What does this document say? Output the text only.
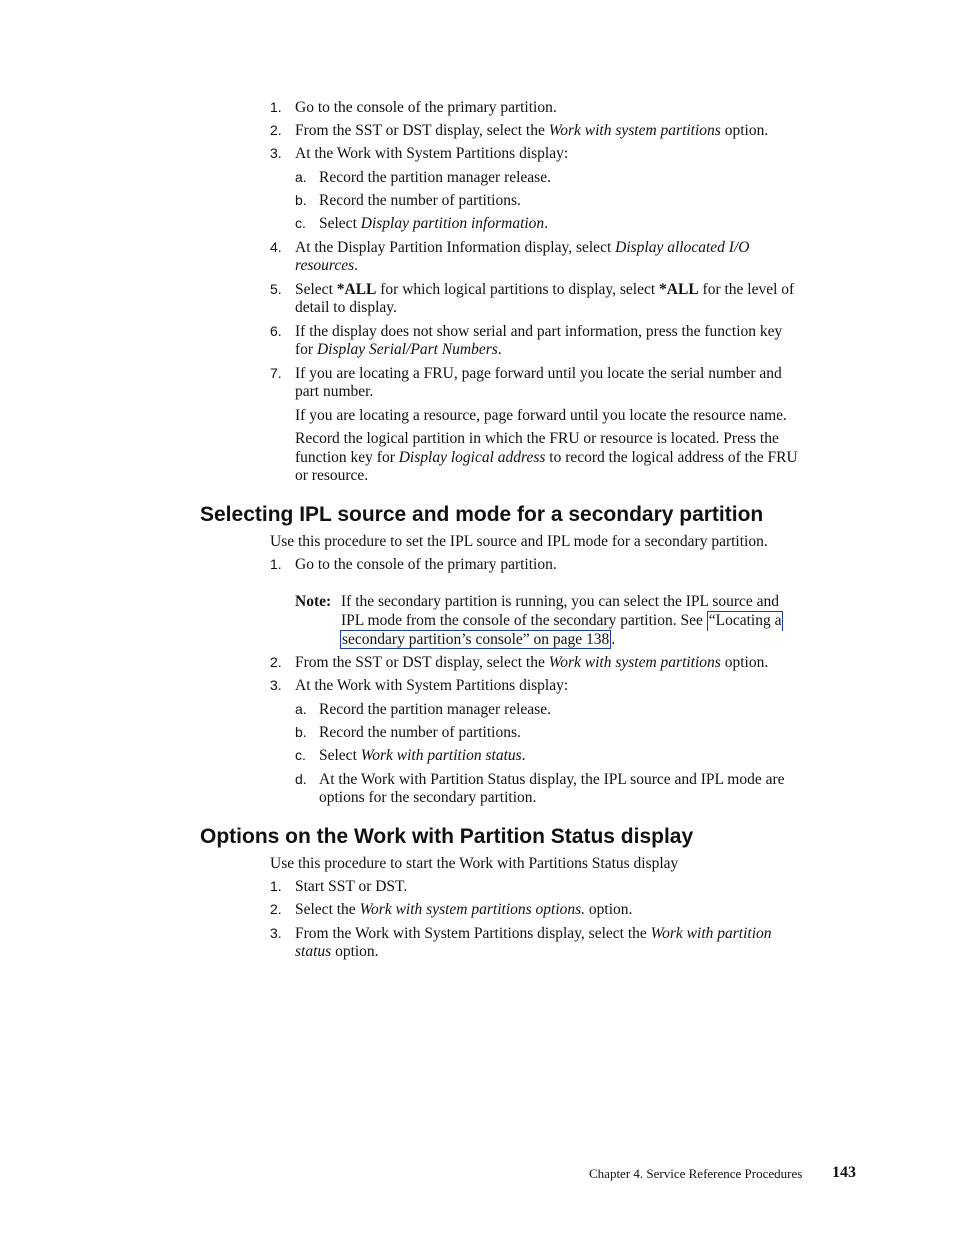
1. Go to the console of the primary partition.
2. From the SST or DST display, select the Work with system partitions option.
3. At the Work with System Partitions display:
a. Record the partition manager release.
b. Record the number of partitions.
c. Select Display partition information.
4. At the Display Partition Information display, select Display allocated I/O
resources.
5. Select *ALL for which logical partitions to display, select *ALL for the level of
detail to display.
6. If the display does not show serial and part information, press the function key
for Display Serial/Part Numbers.
7. If you are locating a FRU, page forward until you locate the serial number and
part number.
If you are locating a resource, page forward until you locate the resource name.
Record the logical partition in which the FRU or resource is located. Press the
function key for Display logical address to record the logical address of the FRU
or resource.
Selecting IPL source and mode for a secondary partition
Use this procedure to set the IPL source and IPL mode for a secondary partition.
1. Go to the console of the primary partition.
Note: If the secondary partition is running, you can select the IPL source and
IPL mode from the console of the secondary partition. See “Locating a
secondary partition’s console” on page 138 .
2. From the SST or DST display, select the Work with system partitions option.
3. At the Work with System Partitions display:
a. Record the partition manager release.
b. Record the number of partitions.
c. Select Work with partition status.
d. At the Work with Partition Status display, the IPL source and IPL mode are
options for the secondary partition.
Options on the Work with Partition Status display
Use this procedure to start the Work with Partitions Status display
1. Start SST or DST.
2. Select the Work with system partitions options. option.
3. From the Work with System Partitions display, select the Work with partition
status option.
Chapter 4. Service Reference Procedures 143
